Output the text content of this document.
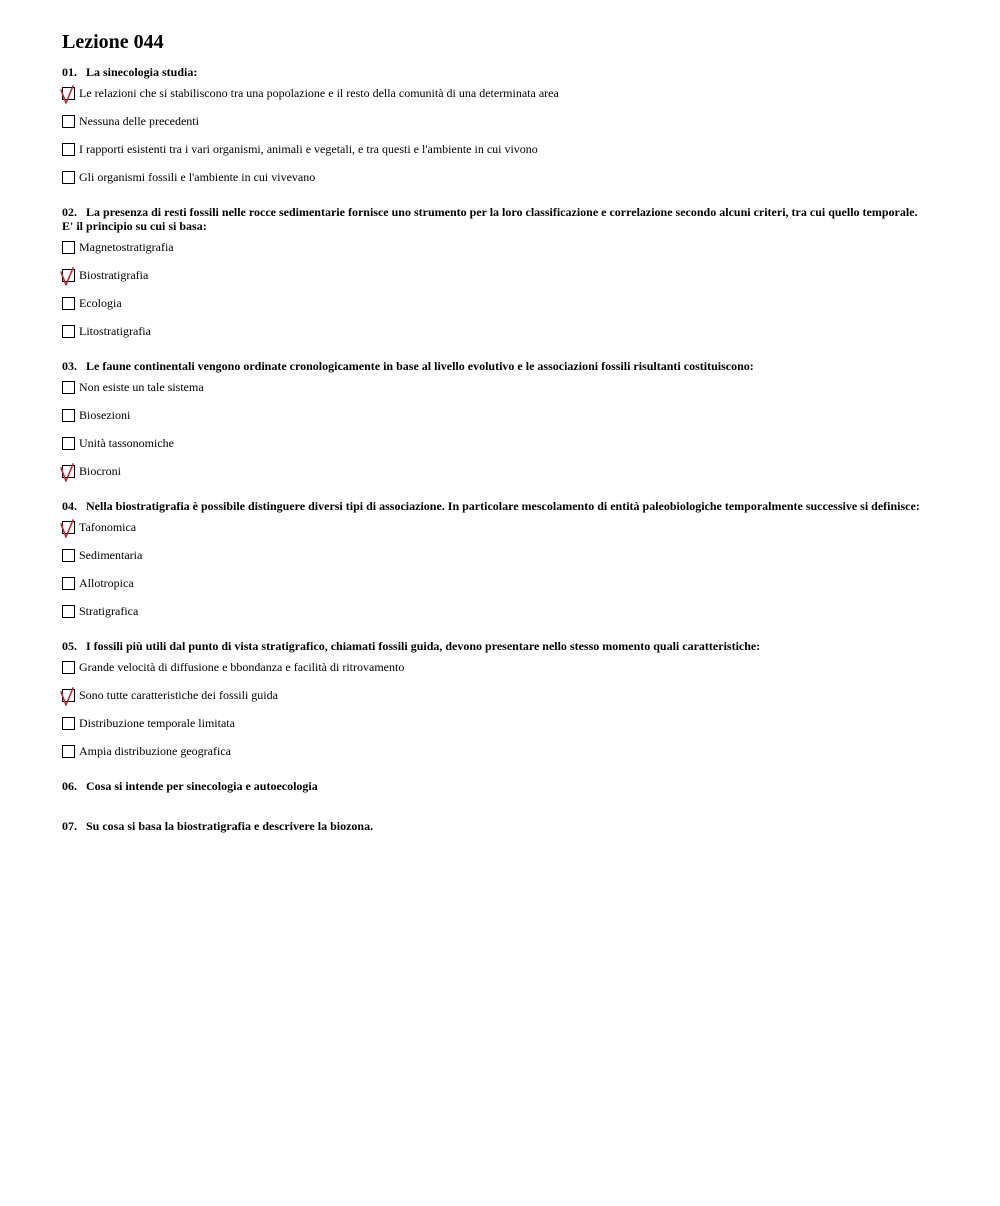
Lezione 044
01. La sinecologia studia:
Le relazioni che si stabiliscono tra una popolazione e il resto della comunità di una determinata area
Nessuna delle precedenti
I rapporti esistenti tra i vari organismi, animali e vegetali, e tra questi e l'ambiente in cui vivono
Gli organismi fossili e l'ambiente in cui vivevano
02. La presenza di resti fossili nelle rocce sedimentarie fornisce uno strumento per la loro classificazione e correlazione secondo alcuni criteri, tra cui quello temporale. E' il principio su cui si basa:
Magnetostratigrafia
Biostratigrafia
Ecologia
Litostratigrafia
03. Le faune continentali vengono ordinate cronologicamente in base al livello evolutivo e le associazioni fossili risultanti costituiscono:
Non esiste un tale sistema
Biosezioni
Unità tassonomiche
Biocroni
04. Nella biostratigrafia è possibile distinguere diversi tipi di associazione. In particolare mescolamento di entità paleobiologiche temporalmente successive si definisce:
Tafonomica
Sedimentaria
Allotropica
Stratigrafica
05. I fossili più utili dal punto di vista stratigrafico, chiamati fossili guida, devono presentare nello stesso momento quali caratteristiche:
Grande velocità di diffusione e bbondanza e facilità di ritrovamento
Sono tutte caratteristiche dei fossili guida
Distribuzione temporale limitata
Ampia distribuzione geografica
06. Cosa si intende per sinecologia e autoecologia
07. Su cosa si basa la biostratigrafia e descrivere la biozona.
